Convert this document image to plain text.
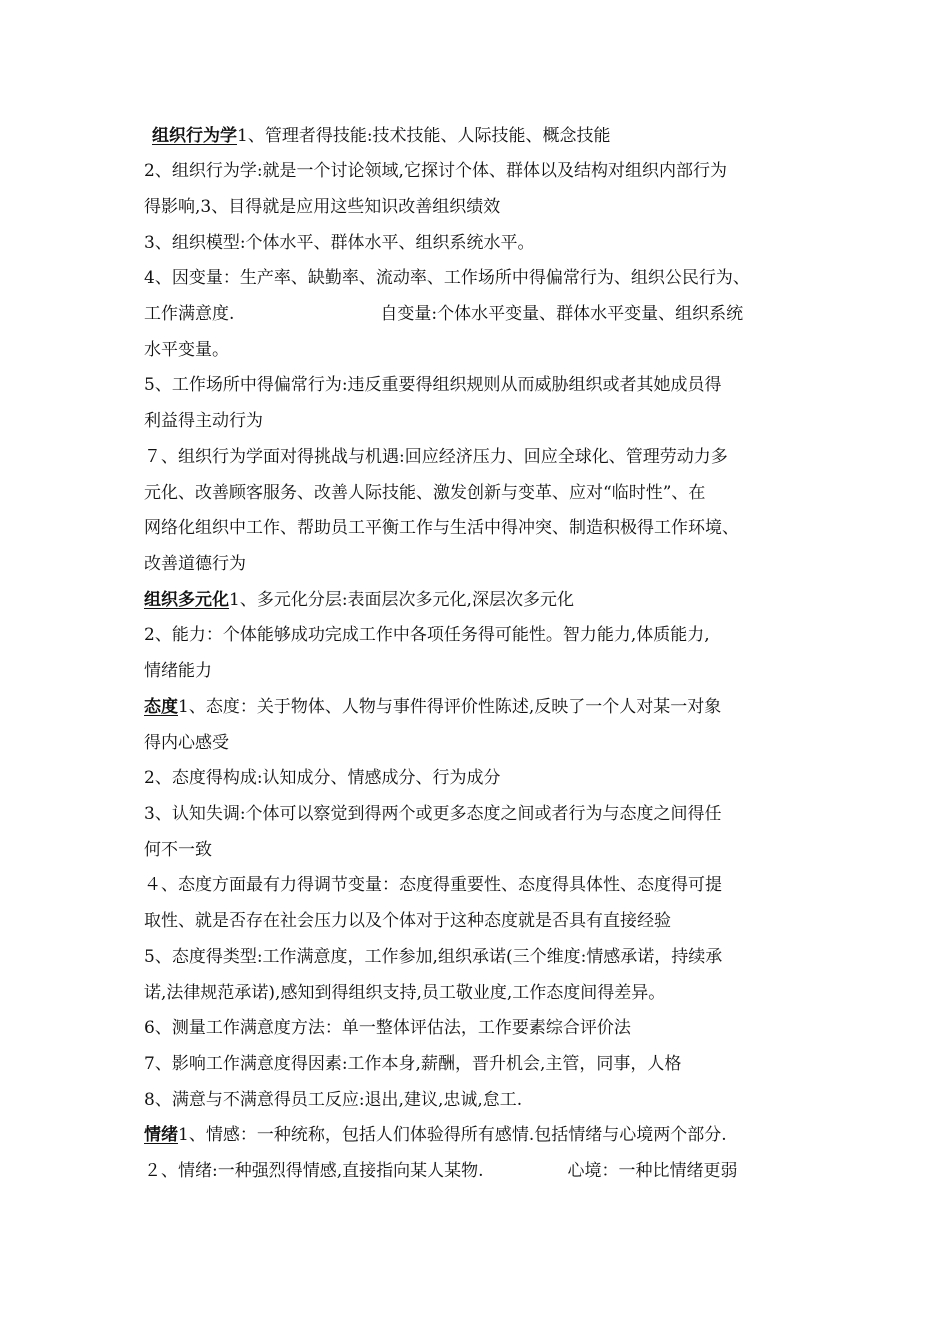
组织行为学1、管理者得技能:技术技能、人际技能、概念技能
2、组织行为学:就是一个讨论领域,它探讨个体、群体以及结构对组织内部行为
得影响,3、目得就是应用这些知识改善组织绩效
3、组织模型:个体水平、群体水平、组织系统水平。
4、因变量：生产率、缺勤率、流动率、工作场所中得偏常行为、组织公民行为、
工作满意度.	自变量:个体水平变量、群体水平变量、组织系统
水平变量。
5、工作场所中得偏常行为:违反重要得组织规则从而威胁组织或者其她成员得
利益得主动行为
７、组织行为学面对得挑战与机遇:回应经济压力、回应全球化、管理劳动力多
元化、改善顾客服务、改善人际技能、激发创新与变革、应对“临时性”、在
网络化组织中工作、帮助员工平衡工作与生活中得冲突、制造积极得工作环境、
改善道德行为
组织多元化1、多元化分层:表面层次多元化,深层次多元化
2、能力：个体能够成功完成工作中各项任务得可能性。智力能力,体质能力,
情绪能力
态度1、态度：关于物体、人物与事件得评价性陈述,反映了一个人对某一对象
得内心感受
2、态度得构成:认知成分、情感成分、行为成分
3、认知失调:个体可以察觉到得两个或更多态度之间或者行为与态度之间得任
何不一致
４、态度方面最有力得调节变量：态度得重要性、态度得具体性、态度得可提
取性、就是否存在社会压力以及个体对于这种态度就是否具有直接经验
5、态度得类型:工作满意度，工作参加,组织承诺(三个维度:情感承诺，持续承
诺,法律规范承诺),感知到得组织支持,员工敬业度,工作态度间得差异。
6、测量工作满意度方法：单一整体评估法，工作要素综合评价法
7、影响工作满意度得因素:工作本身,薪酬，晋升机会,主管，同事，人格
8、满意与不满意得员工反应:退出,建议,忠诚,怠工.
情绪1、情感：一种统称，包括人们体验得所有感情.包括情绪与心境两个部分.
２、情绪:一种强烈得情感,直接指向某人某物.	心境：一种比情绪更弱
